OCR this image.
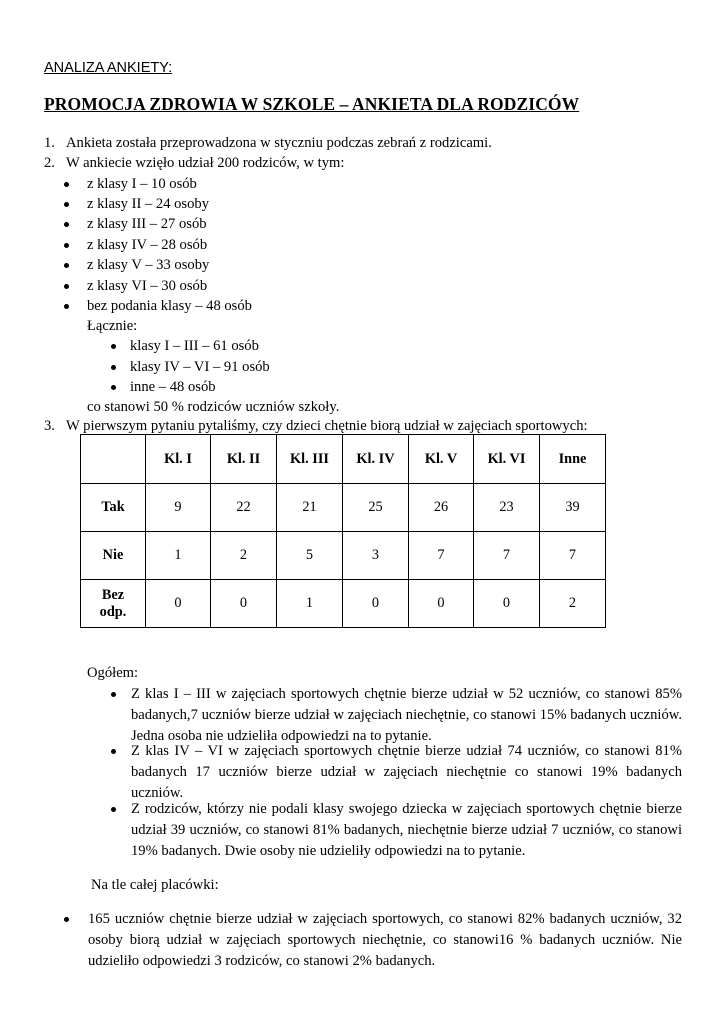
ANALIZA ANKIETY:
PROMOCJA ZDROWIA W SZKOLE – ANKIETA DLA RODZICÓW
1. Ankieta została przeprowadzona w styczniu podczas zebrań z rodzicami.
2. W ankiecie wzięło udział 200 rodziców, w tym:
z klasy I – 10 osób
z klasy II – 24 osoby
z klasy III – 27 osób
z klasy IV – 28 osób
z klasy V – 33 osoby
z klasy VI – 30 osób
bez podania klasy – 48 osób
Łącznie:
klasy I – III – 61 osób
klasy IV – VI – 91 osób
inne – 48 osób
co stanowi 50 % rodziców uczniów szkoły.
3. W pierwszym pytaniu pytaliśmy, czy dzieci chętnie biorą udział w zajęciach sportowych:
	Kl. I	Kl. II	Kl. III	Kl. IV	Kl. V	Kl. VI	Inne
Tak	9	22	21	25	26	23	39
Nie	1	2	5	3	7	7	7
Bez
odp.	0	0	1	0	0	0	2
Ogółem:
Z klas I – III w zajęciach sportowych chętnie bierze udział w 52 uczniów, co stanowi 85% badanych,7 uczniów bierze udział w zajęciach niechętnie, co stanowi 15% badanych uczniów. Jedna osoba nie udzieliła odpowiedzi na to pytanie.
Z klas IV – VI w zajęciach sportowych chętnie bierze udział 74 uczniów, co stanowi 81% badanych 17 uczniów bierze udział w zajęciach niechętnie co stanowi 19% badanych uczniów.
Z rodziców, którzy nie podali klasy swojego dziecka w zajęciach sportowych chętnie bierze udział 39 uczniów, co stanowi 81% badanych, niechętnie bierze udział 7 uczniów, co stanowi 19% badanych. Dwie osoby nie udzieliły odpowiedzi na to pytanie.
Na tle całej placówki:
165 uczniów chętnie bierze udział w zajęciach sportowych, co stanowi 82% badanych uczniów, 32 osoby biorą udział w zajęciach sportowych niechętnie, co stanowi16 % badanych uczniów. Nie udzieliło odpowiedzi 3 rodziców, co stanowi 2% badanych.
